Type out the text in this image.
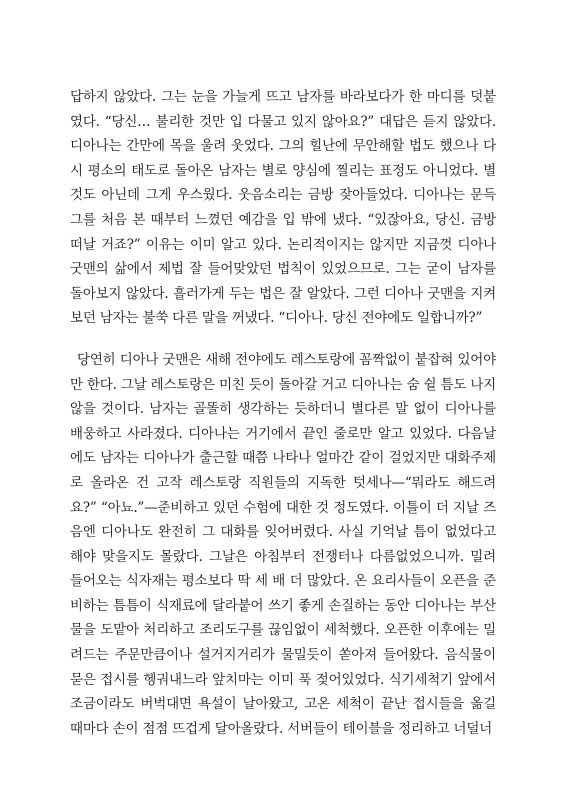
답하지 않았다. 그는 눈을 가늘게 뜨고 남자를 바라보다가 한 마디를 덧붙였다. “당신… 불리한 것만 입 다물고 있지 않아요?” 대답은 듣지 않았다. 디아나는 간만에 목을 울려 웃었다. 그의 힐난에 무안해할 법도 했으나 다시 평소의 태도로 돌아온 남자는 별로 양심에 찔리는 표정도 아니었다. 별것도 아닌데 그게 우스웠다. 웃음소리는 금방 잦아들었다. 디아나는 문득 그를 처음 본 때부터 느꼈던 예감을 입 밖에 냈다. “있잖아요, 당신. 금방 떠날 거죠?” 이유는 이미 알고 있다. 논리적이지는 않지만 지금껏 디아나 굿맨의 삶에서 제법 잘 들어맞았던 법칙이 있었으므로. 그는 굳이 남자를 돌아보지 않았다. 흘러가게 두는 법은 잘 알았다. 그런 디아나 굿맨을 지켜보던 남자는 불쑥 다른 말을 꺼냈다. “디아나. 당신 전야에도 일합니까?”

당연히 디아나 굿맨은 새해 전야에도 레스토랑에 꼼짝없이 붙잡혀 있어야만 한다. 그날 레스토랑은 미친 듯이 돌아갈 거고 디아나는 숨 쉴 틈도 나지 않을 것이다. 남자는 골똘히 생각하는 듯하더니 별다른 말 없이 디아나를 배웅하고 사라졌다. 디아나는 거기에서 끝인 줄로만 알고 있었다. 다음날에도 남자는 디아나가 출근할 때쯤 나타나 얼마간 같이 걸었지만 대화주제로 올라온 건 고작 레스토랑 직원들의 지독한 텃세나—“뭐라도 해드려요?” “아뇨.”—준비하고 있던 수험에 대한 것 정도였다. 이틀이 더 지날 즈음엔 디아나도 완전히 그 대화를 잊어버렸다. 사실 기억날 틈이 없었다고 해야 맞을지도 몰랐다. 그날은 아침부터 전쟁터나 다름없었으니까. 밀려 들어오는 식자재는 평소보다 딱 세 배 더 많았다. 온 요리사들이 오픈을 준비하는 틈틈이 식재료에 달라붙어 쓰기 좋게 손질하는 동안 디아나는 부산물을 도맡아 처리하고 조리도구를 끊임없이 세척했다. 오픈한 이후에는 밀려드는 주문만큼이나 설거지거리가 물밀듯이 쏟아져 들어왔다. 음식물이 묻은 접시를 헹궈내느라 앞치마는 이미 푹 젖어있었다. 식기세척기 앞에서 조금이라도 버벅대면 욕설이 날아왔고, 고온 세척이 끝난 접시들을 옮길 때마다 손이 점점 뜨겁게 달아올랐다. 서버들이 테이블을 정리하고 너덜너
